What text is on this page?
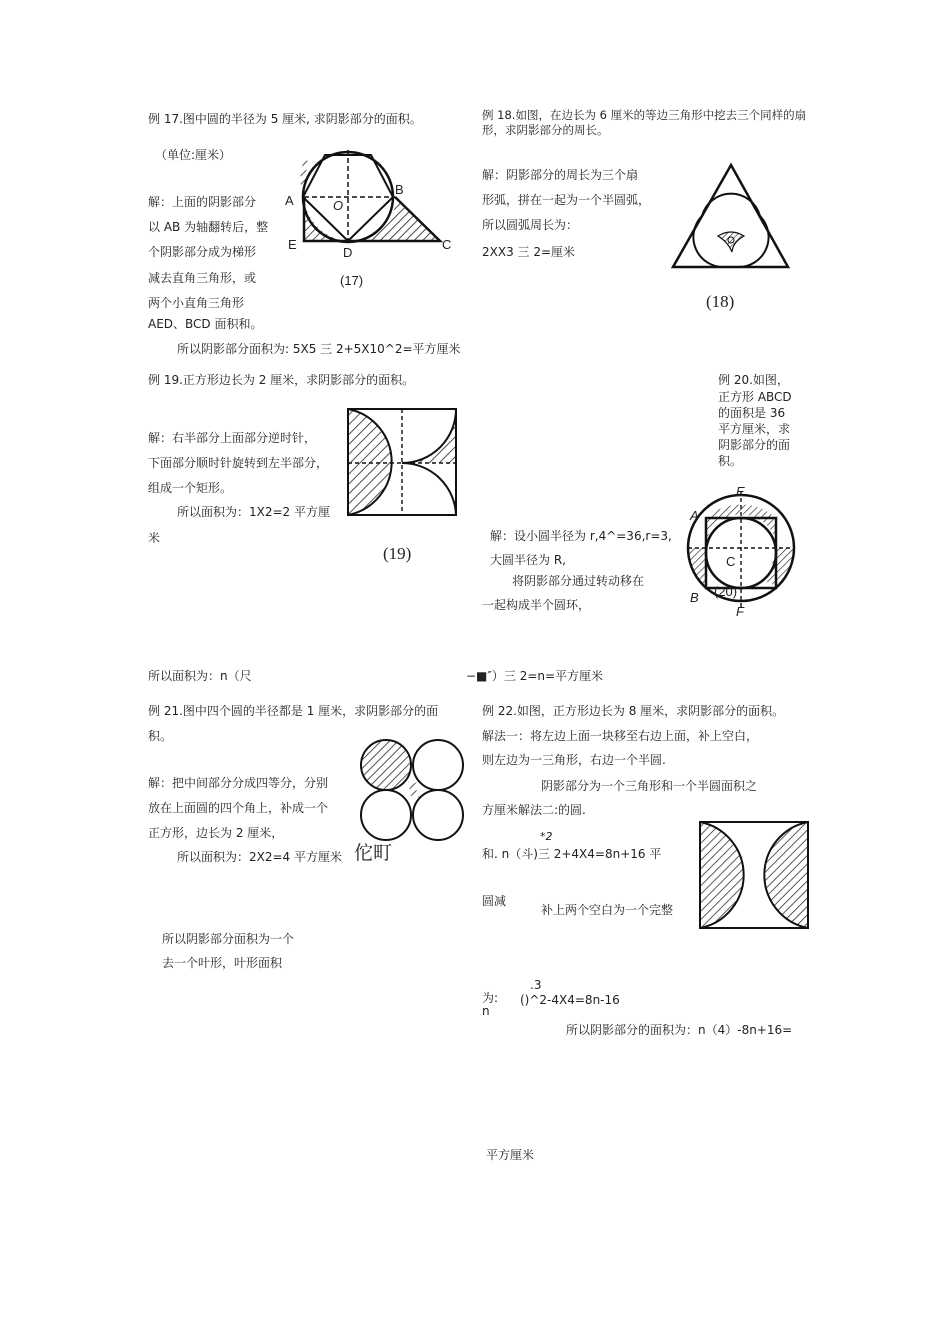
例 17.图中圆的半径为 5 厘米, 求阴影部分的面积。
（单位:厘米）
解：上面的阴影部分
以 AB 为轴翻转后，整
个阴影部分成为梯形
减去直角三角形，或
两个小直角三角形
AED、BCD 面积和。
所以阴影部分面积为: 5X5 三 2+5X10^2=平方厘米
A
B
C
D
E
O
(17)
例 18.如图，在边长为 6 厘米的等边三角形中挖去三个同样的扇形，求阴影部分的周长。
解：阴影部分的周长为三个扇
形弧，拼在一起为一个半圆弧，
所以圆弧周长为：
2XX3 三 2=厘米
(18)
例 19.正方形边长为 2 厘米，求阴影部分的面积。
解：右半部分上面部分逆时针，
下面部分顺时针旋转到左半部分，
组成一个矩形。
所以面积为：1X2=2 平方厘
米
(19)
例 20.如图，
正方形 ABCD
的面积是 36
平方厘米，求
阴影部分的面
积。
解：设小圆半径为 r,4^=36,r=3,
大圆半径为 R,
将阴影部分通过转动移在
一起构成半个圆环，
A
B
E
F
C
(20)
所以面积为：n（尺	−■″）三 2=n=平方厘米
例 21.图中四个圆的半径都是 1 厘米，求阴影部分的面
积。
解：把中间部分分成四等分，分别
放在上面圆的四个角上，补成一个
正方形，边长为 2 厘米，
所以面积为：2X2=4 平方厘米 佗町
所以阴影部分面积为一个
去一个叶形，叶形面积
例 22.如图，正方形边长为 8 厘米，求阴影部分的面积。
解法一：将左边上面一块移至右边上面，补上空白，
则左边为一三角形，右边一个半圆.
阴影部分为一个三角形和一个半圆面积之
方厘米解法二:的圆.
*2
和. n（斗)三 2+4X4=8n+16 平
圆减
补上两个空白为一个完整
.3
为: ()^2-4X4=8n-16
n
所以阴影部分的面积为：n（4）-8n+16=
平方厘米
